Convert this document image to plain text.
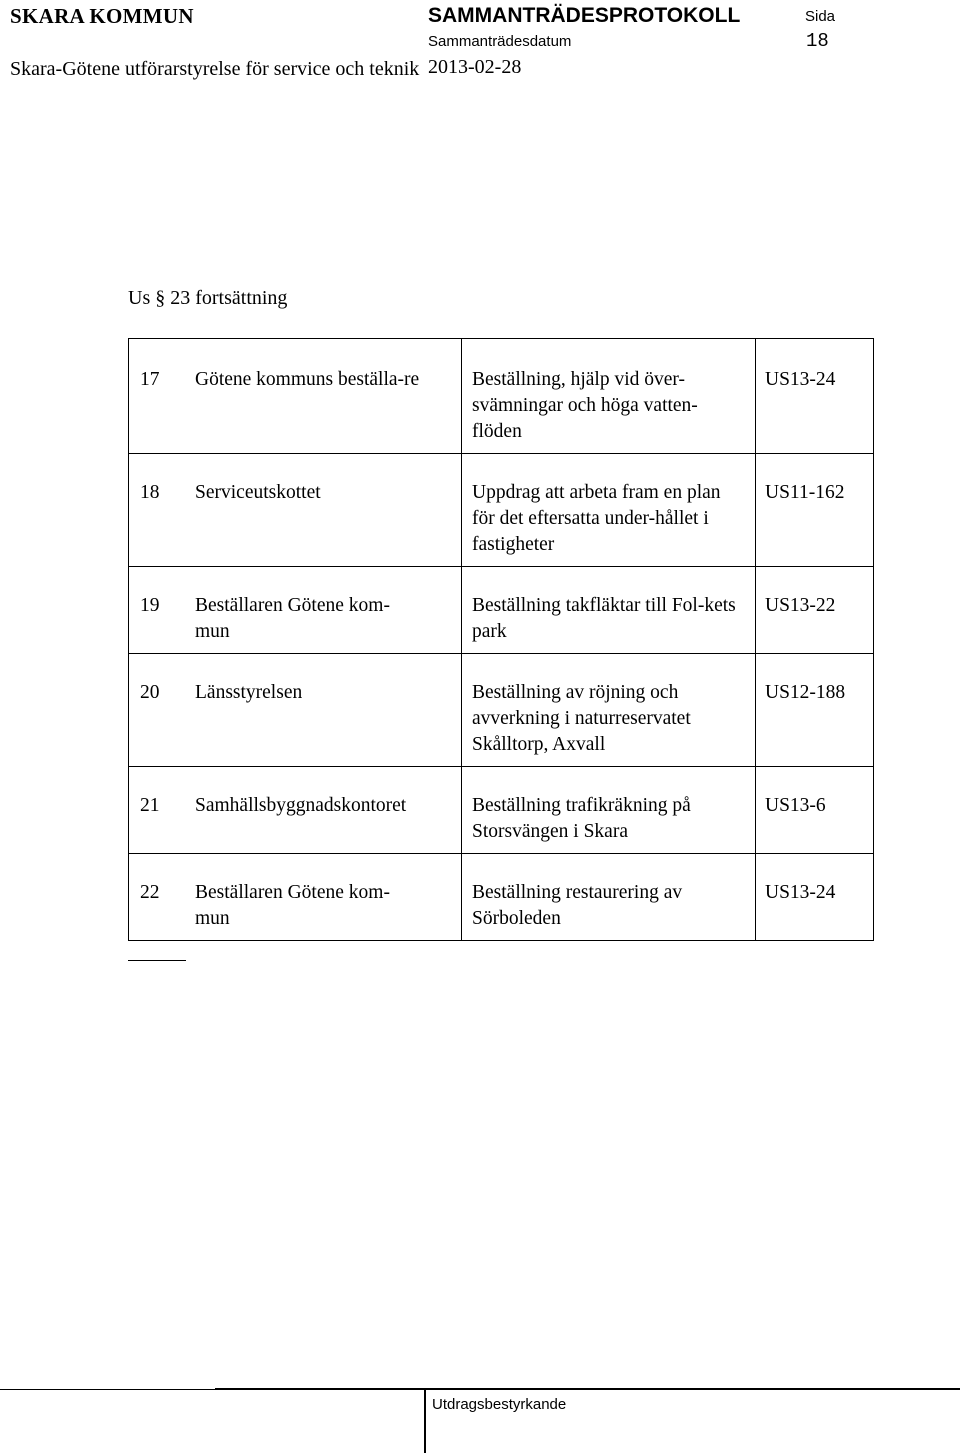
SKARA KOMMUN	SAMMANTRÄDESPROTOKOLL	Sida
Sammanträdesdatum	18
Skara-Götene utförarstyrelse för service och teknik 2013-02-28
Us § 23 fortsättning
17	Götene kommuns beställa-re	Beställning, hjälp vid över-svämningar och höga vatten-flöden	US13-24
18	Serviceutskottet	Uppdrag att arbeta fram en plan för det eftersatta under-hållet i fastigheter	US11-162
19	Beställaren Götene kom-mun	Beställning takfläktar till Fol-kets park	US13-22
20	Länsstyrelsen	Beställning av röjning och avverkning i naturreservatet Skålltorp, Axvall	US12-188
21	Samhällsbyggnadskontoret	Beställning trafikräkning på Storsvängen i Skara	US13-6
22	Beställaren Götene kom-mun	Beställning restaurering av Sörboleden	US13-24
Utdragsbestyrkande
